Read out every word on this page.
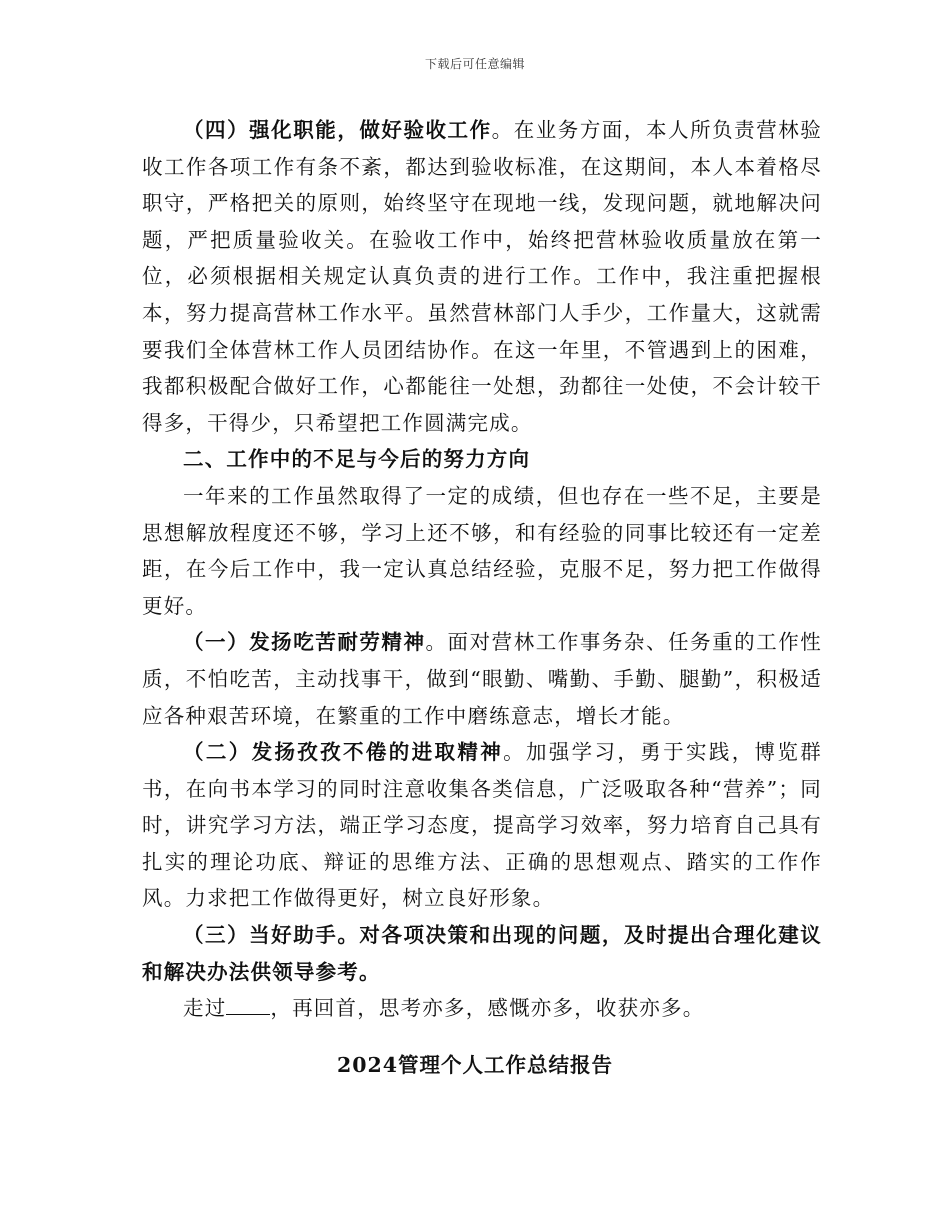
下载后可任意编辑

（四）强化职能，做好验收工作。在业务方面，本人所负责营林验收工作各项工作有条不紊，都达到验收标准，在这期间，本人本着格尽职守，严格把关的原则，始终坚守在现地一线，发现问题，就地解决问题，严把质量验收关。在验收工作中，始终把营林验收质量放在第一位，必须根据相关规定认真负责的进行工作。工作中，我注重把握根本，努力提高营林工作水平。虽然营林部门人手少，工作量大，这就需要我们全体营林工作人员团结协作。在这一年里，不管遇到上的困难，我都积极配合做好工作，心都能往一处想，劲都往一处使，不会计较干得多，干得少，只希望把工作圆满完成。

二、工作中的不足与今后的努力方向

一年来的工作虽然取得了一定的成绩，但也存在一些不足，主要是思想解放程度还不够，学习上还不够，和有经验的同事比较还有一定差距，在今后工作中，我一定认真总结经验，克服不足，努力把工作做得更好。

（一）发扬吃苦耐劳精神。面对营林工作事务杂、任务重的工作性质，不怕吃苦，主动找事干，做到“眼勤、嘴勤、手勤、腿勤”，积极适应各种艰苦环境，在繁重的工作中磨练意志，增长才能。

（二）发扬孜孜不倦的进取精神。加强学习，勇于实践，博览群书，在向书本学习的同时注意收集各类信息，广泛吸取各种“营养”；同时，讲究学习方法，端正学习态度，提高学习效率，努力培育自己具有扎实的理论功底、辩证的思维方法、正确的思想观点、踏实的工作作风。力求把工作做得更好，树立良好形象。

（三）当好助手。对各项决策和出现的问题，及时提出合理化建议和解决办法供领导参考。

走过 ，再回首，思考亦多，感慨亦多，收获亦多。

2024管理个人工作总结报告
